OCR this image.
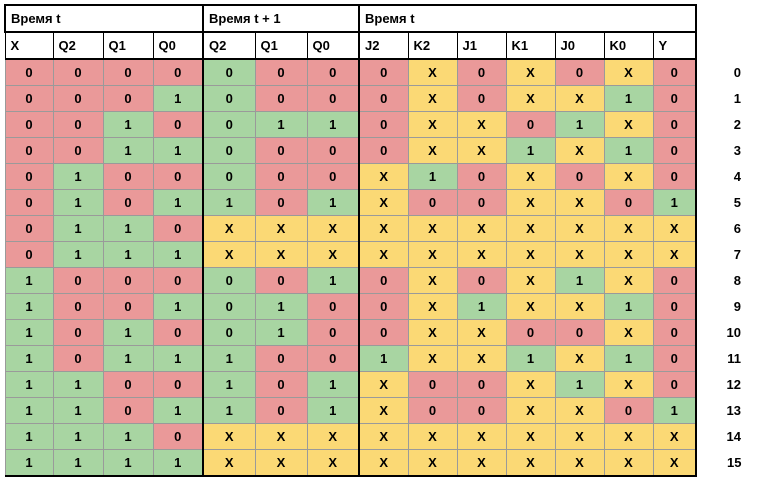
Время t				Время t + 1			Время t							
X	Q2	Q1	Q0	Q2	Q1	Q0	J2	K2	J1	K1	J0	K0	Y	
0	0	0	0	0	0	0	0	X	0	X	0	X	0	0
0	0	0	1	0	0	0	0	X	0	X	X	1	0	1
0	0	1	0	0	1	1	0	X	X	0	1	X	0	2
0	0	1	1	0	0	0	0	X	X	1	X	1	0	3
0	1	0	0	0	0	0	X	1	0	X	0	X	0	4
0	1	0	1	1	0	1	X	0	0	X	X	0	1	5
0	1	1	0	X	X	X	X	X	X	X	X	X	X	6
0	1	1	1	X	X	X	X	X	X	X	X	X	X	7
1	0	0	0	0	0	1	0	X	0	X	1	X	0	8
1	0	0	1	0	1	0	0	X	1	X	X	1	0	9
1	0	1	0	0	1	0	0	X	X	0	0	X	0	10
1	0	1	1	1	0	0	1	X	X	1	X	1	0	11
1	1	0	0	1	0	1	X	0	0	X	1	X	0	12
1	1	0	1	1	0	1	X	0	0	X	X	0	1	13
1	1	1	0	X	X	X	X	X	X	X	X	X	X	14
1	1	1	1	X	X	X	X	X	X	X	X	X	X	15
